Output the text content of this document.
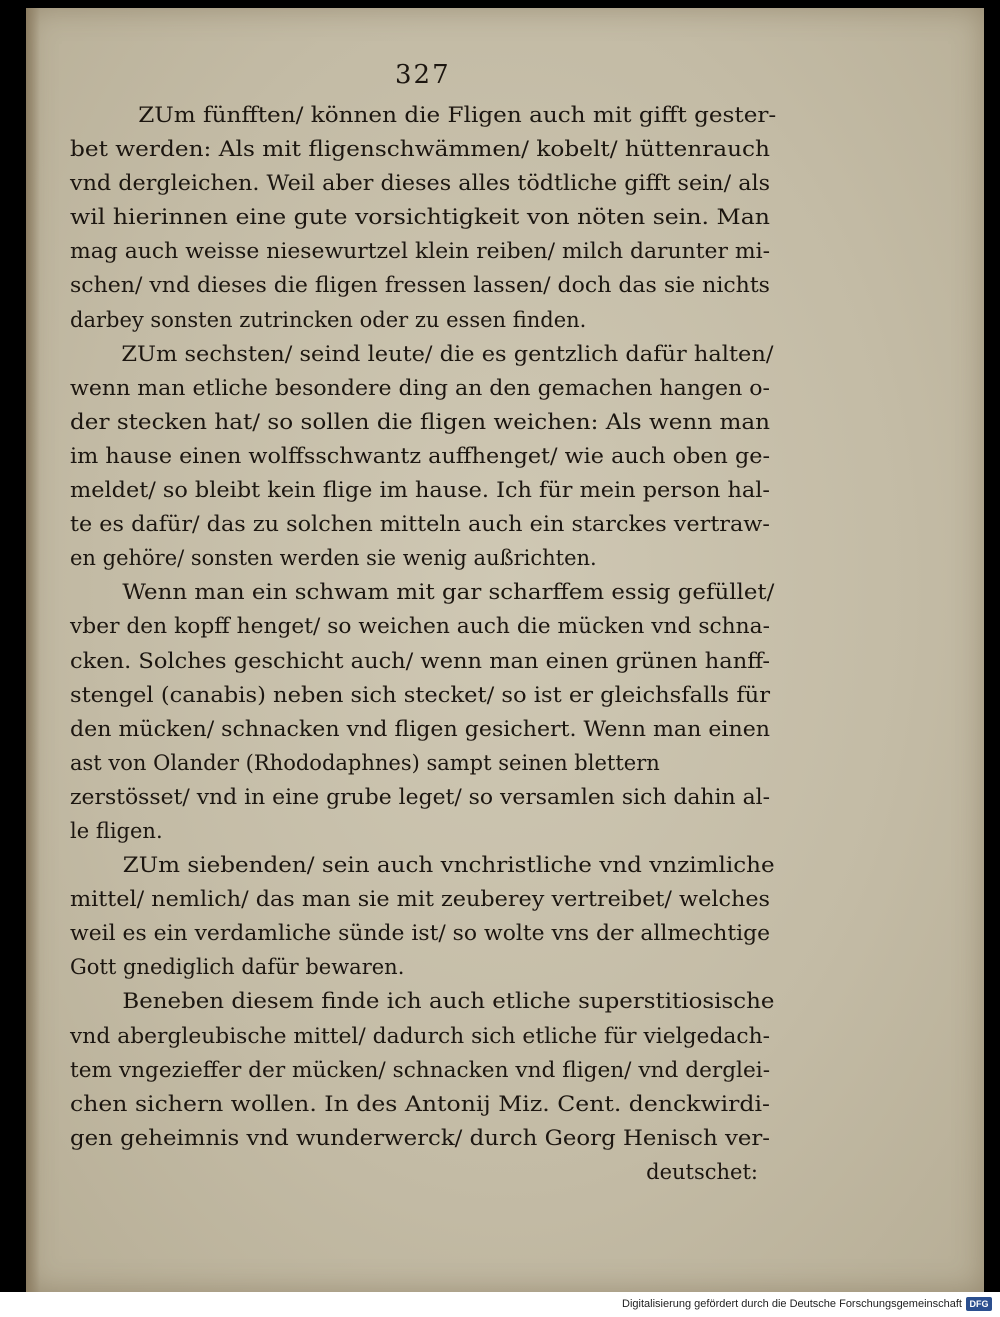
327
ZUm fünfften/ können die Fligen auch mit gifft gester-
bet werden: Als mit fligenschwämmen/ kobelt/ hüttenrauch
vnd dergleichen. Weil aber dieses alles tödtliche gifft sein/ als
wil hierinnen eine gute vorsichtigkeit von nöten sein. Man
mag auch weisse niesewurtzel klein reiben/ milch darunter mi-
schen/ vnd dieses die fligen fressen lassen/ doch das sie nichts
darbey sonsten zutrincken oder zu essen finden.
ZUm sechsten/ seind leute/ die es gentzlich dafür halten/
wenn man etliche besondere ding an den gemachen hangen o-
der stecken hat/ so sollen die fligen weichen: Als wenn man
im hause einen wolffsschwantz auffhenget/ wie auch oben ge-
meldet/ so bleibt kein flige im hause. Ich für mein person hal-
te es dafür/ das zu solchen mitteln auch ein starckes vertraw-
en gehöre/ sonsten werden sie wenig außrichten.
Wenn man ein schwam mit gar scharffem essig gefüllet/
vber den kopff henget/ so weichen auch die mücken vnd schna-
cken. Solches geschicht auch/ wenn man einen grünen hanff-
stengel (canabis) neben sich stecket/ so ist er gleichsfalls für
den mücken/ schnacken vnd fligen gesichert. Wenn man einen
ast von Olander (Rhododaphnes) sampt seinen blettern
zerstösset/ vnd in eine grube leget/ so versamlen sich dahin al-
le fligen.
ZUm siebenden/ sein auch vnchristliche vnd vnzimliche
mittel/ nemlich/ das man sie mit zeuberey vertreibet/ welches
weil es ein verdamliche sünde ist/ so wolte vns der allmechtige
Gott gnediglich dafür bewaren.
Beneben diesem finde ich auch etliche superstitiosische
vnd abergleubische mittel/ dadurch sich etliche für vielgedach-
tem vngezieffer der mücken/ schnacken vnd fligen/ vnd derglei-
chen sichern wollen. In des Antonij Miz. Cent. denckwirdi-
gen geheimnis vnd wunderwerck/ durch Georg Henisch ver-
deutschet:
Digitalisierung gefördert durch die Deutsche Forschungsgemeinschaft DFG
